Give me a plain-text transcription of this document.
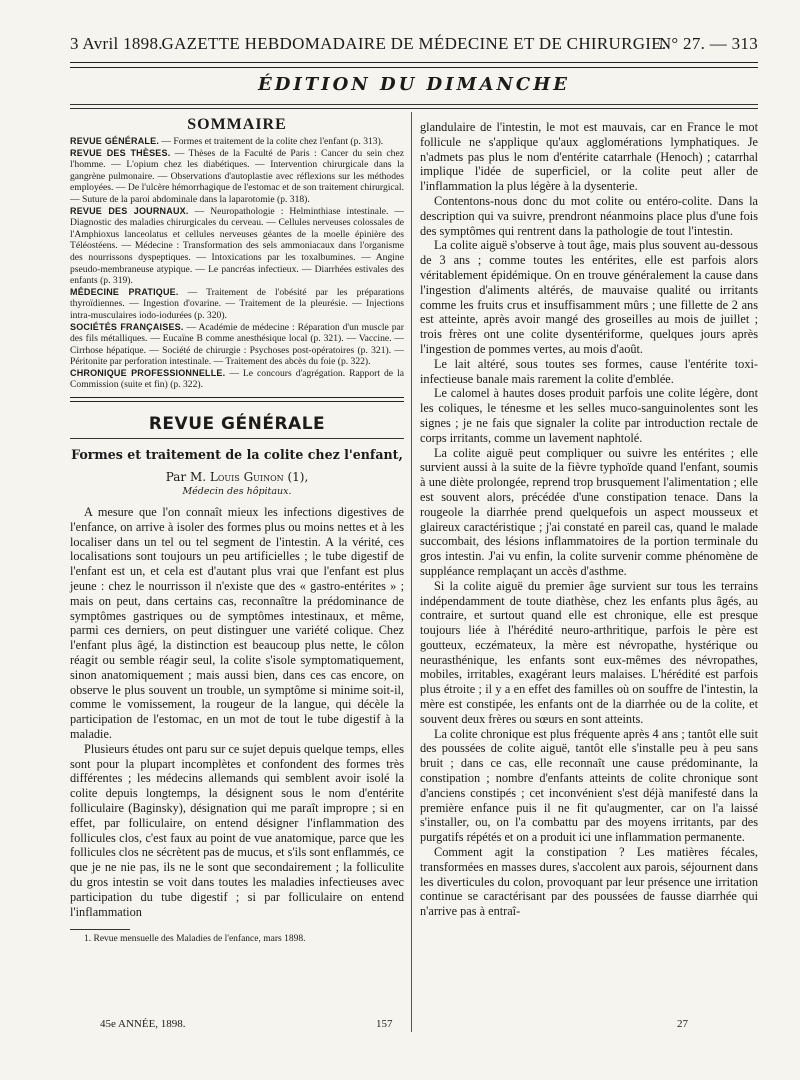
3 Avril 1898.
GAZETTE HEBDOMADAIRE DE MÉDECINE ET DE CHIRURGIE.
N° 27. — 313
ÉDITION DU DIMANCHE
SOMMAIRE

REVUE GÉNÉRALE. — Formes et traitement de la colite chez l'enfant (p. 313).

REVUE DES THÈSES. — Thèses de la Faculté de Paris : Cancer du sein chez l'homme. — L'opium chez les diabétiques. — Intervention chirurgicale dans la gangrène pulmonaire. — Observations d'autoplastie avec réflexions sur les méthodes employées. — De l'ulcère hémorrhagique de l'estomac et de son traitement chirurgical. — Suture de la paroi abdominale dans la laparotomie (p. 318).

REVUE DES JOURNAUX. — Neuropathologie : Helminthiase intestinale. — Diagnostic des maladies chirurgicales du cerveau. — Cellules nerveuses colossales de l'Amphioxus lanceolatus et cellules nerveuses géantes de la moelle épinière des Téléostéens. — Médecine : Transformation des sels ammoniacaux dans l'organisme des nourrissons dyspeptiques. — Intoxications par les toxalbumines. — Angine pseudo-membraneuse atypique. — Le pancréas infectieux. — Diarrhées estivales des enfants (p. 319).

MÉDECINE PRATIQUE. — Traitement de l'obésité par les préparations thyroïdiennes. — Ingestion d'ovarine. — Traitement de la pleurésie. — Injections intra-musculaires iodo-iodurées (p. 320).

SOCIÉTÉS FRANÇAISES. — Académie de médecine : Réparation d'un muscle par des fils métalliques. — Eucaïne B comme anesthésique local (p. 321). — Vaccine. — Cirrhose hépatique. — Société de chirurgie : Psychoses post-opératoires (p. 321). — Péritonite par perforation intestinale. — Traitement des abcès du foie (p. 322).

CHRONIQUE PROFESSIONNELLE. — Le concours d'agrégation. Rapport de la Commission (suite et fin) (p. 322).

REVUE GÉNÉRALE
Formes et traitement de la colite chez l'enfant,
Par M. Louis Guinon (1),
Médecin des hôpitaux.

A mesure que l'on connaît mieux les infections digestives de l'enfance, on arrive à isoler des formes plus ou moins nettes et à les localiser dans un tel ou tel segment de l'intestin. A la vérité, ces localisations sont toujours un peu artificielles ; le tube digestif de l'enfant est un, et cela est d'autant plus vrai que l'enfant est plus jeune : chez le nourrisson il n'existe que des « gastro-entérites » ; mais on peut, dans certains cas, reconnaître la prédominance de symptômes gastriques ou de symptômes intestinaux, et même, parmi ces derniers, on peut distinguer une variété colique. Chez l'enfant plus âgé, la distinction est beaucoup plus nette, le côlon réagit ou semble réagir seul, la colite s'isole symptomatiquement, sinon anatomiquement ; mais aussi bien, dans ces cas encore, on observe le plus souvent un trouble, un symptôme si minime soit-il, comme le vomissement, la rougeur de la langue, qui décèle la participation de l'estomac, en un mot de tout le tube digestif à la maladie.

Plusieurs études ont paru sur ce sujet depuis quelque temps, elles sont pour la plupart incomplètes et confondent des formes très différentes ; les médecins allemands qui semblent avoir isolé la colite depuis longtemps, la désignent sous le nom d'entérite folliculaire (Baginsky), désignation qui me paraît impropre ; si en effet, par folliculaire, on entend désigner l'inflammation des follicules clos, c'est faux au point de vue anatomique, parce que les follicules clos ne sécrètent pas de mucus, et s'ils sont enflammés, ce que je ne nie pas, ils ne le sont que secondairement ; la folliculite du gros intestin se voit dans toutes les maladies infectieuses avec participation du tube digestif ; si par folliculaire on entend l'inflammation

1. Revue mensuelle des Maladies de l'enfance, mars 1898.

glandulaire de l'intestin, le mot est mauvais, car en France le mot follicule ne s'applique qu'aux agglomérations lymphatiques. Je n'admets pas plus le nom d'entérite catarrhale (Henoch) ; catarrhal implique l'idée de superficiel, or la colite peut aller de l'inflammation la plus légère à la dysenterie.

Contentons-nous donc du mot colite ou entéro-colite. Dans la description qui va suivre, prendront néanmoins place plus d'une fois des symptômes qui rentrent dans la pathologie de tout l'intestin.

La colite aiguë s'observe à tout âge, mais plus souvent au-dessous de 3 ans ; comme toutes les entérites, elle est parfois alors véritablement épidémique. On en trouve généralement la cause dans l'ingestion d'aliments altérés, de mauvaise qualité ou irritants comme les fruits crus et insuffisamment mûrs ; une fillette de 2 ans est atteinte, après avoir mangé des groseilles au mois de juillet ; trois frères ont une colite dysentériforme, quelques jours après l'ingestion de pommes vertes, au mois d'août.

Le lait altéré, sous toutes ses formes, cause l'entérite toxi-infectieuse banale mais rarement la colite d'emblée.

Le calomel à hautes doses produit parfois une colite légère, dont les coliques, le ténesme et les selles muco-sanguinolentes sont les signes ; je ne fais que signaler la colite par introduction rectale de corps irritants, comme un lavement naphtolé.

La colite aiguë peut compliquer ou suivre les entérites ; elle survient aussi à la suite de la fièvre typhoïde quand l'enfant, soumis à une diète prolongée, reprend trop brusquement l'alimentation ; elle est souvent alors, précédée d'une constipation tenace. Dans la rougeole la diarrhée prend quelquefois un aspect mousseux et glaireux caractéristique ; j'ai constaté en pareil cas, quand le malade succombait, des lésions inflammatoires de la portion terminale du gros intestin. J'ai vu enfin, la colite survenir comme phénomène de suppléance remplaçant un accès d'asthme.

Si la colite aiguë du premier âge survient sur tous les terrains indépendamment de toute diathèse, chez les enfants plus âgés, au contraire, et surtout quand elle est chronique, elle est presque toujours liée à l'hérédité neuro-arthritique, parfois le père est goutteux, eczémateux, la mère est névropathe, hystérique ou neurasthénique, les enfants sont eux-mêmes des névropathes, mobiles, irritables, exagérant leurs malaises. L'hérédité est parfois plus étroite ; il y a en effet des familles où on souffre de l'intestin, la mère est constipée, les enfants ont de la diarrhée ou de la colite, et souvent deux frères ou sœurs en sont atteints.

La colite chronique est plus fréquente après 4 ans ; tantôt elle suit des poussées de colite aiguë, tantôt elle s'installe peu à peu sans bruit ; dans ce cas, elle reconnaît une cause prédominante, la constipation ; nombre d'enfants atteints de colite chronique sont d'anciens constipés ; cet inconvénient s'est déjà manifesté dans la première enfance puis il ne fit qu'augmenter, car on l'a laissé s'installer, ou, on l'a combattu par des moyens irritants, par des purgatifs répétés et on a produit ici une inflammation permanente.

Comment agit la constipation ? Les matières fécales, transformées en masses dures, s'accolent aux parois, séjournent dans les diverticules du colon, provoquant par leur présence une irritation continue se caractérisant par des poussées de fausse diarrhée qui n'arrive pas à entraî-

45e ANNÉE, 1898.	157	27
